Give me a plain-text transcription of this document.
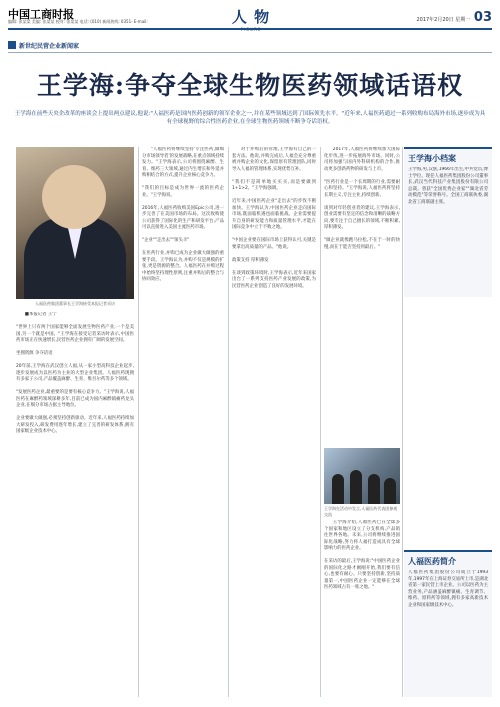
中国工商时报
编辑: 张某某 美编: 张某某 校对: 张某某 电话: (010) 新闻热线: 0351- E-mail:	人 物	2017年2月20日 星期一 03
新世纪民营企业新闻家
王学海:争夺全球生物医药领域话语权
王学海在前些天央企改革的座谈会上提出两点建议,他说:"人福医药是国内医药创新的领军企业之一,并在某些领域达到了国际领先水平。"近年来,人福医药通过一系列收购布局海外市场,逐步成为具有全球视野的综合性医药企业,在全球生物医药领域不断争夺话语权。
人福医药集团董事长王学海接受本报记者采访

■本报记者 王宁

"世界上只有两个国家能够全面发展生物医药产业,一个是美国,另一个就是中国。"王学海在接受记者采访时表示,中国医药市场正在快速增长,民营医药企业拥有广阔的发展空间。

坐拥资源 争夺话语

20年前,王学海在武汉创立人福,从一家小型高科技企业起步,逐步发展成为以医药为主业的大型企业集团。人福医药现拥有多家子公司,产品覆盖麻醉、生育、维吾尔药等多个领域。

"发展医药企业,最重要的是要有核心竞争力。"王学海说,人福医药在麻醉药领域深耕多年,目前已成为国内麻醉镇痛药龙头企业,在细分市场占据主导地位。

企业要做大做强,必须坚持创新驱动。近年来,人福医药持续加大研发投入,研发费用逐年增长,建立了完善的研发体系,拥有国家级企业技术中心。

"人福医药将继续坚持'专注医药,做细分市场领导者'的发展战略,在重点领域持续发力。"王学海表示,公司将围绕麻醉、生育、维药三大领域,通过内生增长和外延并购相结合的方式,提升企业核心竞争力。

"我们的目标是成为世界一流的医药企业。"王学海说。

2016年,人福医药收购美国Epic公司,进一步完善了在美国市场的布局。这次收购使公司获得了国际化的生产和研发平台,产品可以直接进入美国主流医药市场。

"企业""走出去""领头羊"

在医药行业,并购已成为企业做大做强的重要手段。王学海认为,并购不仅是规模的扩张,更是资源的整合。人福医药在并购过程中始终坚持理性原则,注重并购后的整合与协同效应。

对于并购后的管理,王学海有自己的一套方法。他说,并购完成后,人福会充分尊重被并购企业的文化,保留原有管理团队,同时导入人福的管理体系,实现优势互补。

"我们不是简单地买买买,而是要做到1+1>2。"王学海强调。

近年来,中国医药企业"走出去"的步伐不断加快。王学海认为,中国医药企业走向国际市场,既面临机遇也面临挑战。企业需要提升自身的研发能力和质量管理水平,才能在国际竞争中立于不败之地。

"中国企业要在国际市场上获得认可,关键是要拿出高质量的产品。"他说。

政策支持 厚积薄发

在谈到政策环境时,王学海表示,近年来国家出台了一系列支持医药产业发展的政策,为民营医药企业创造了良好的发展环境。

2017年,人福医药将继续加大国际化步伐,进一步拓展海外市场。同时,公司将加强与国内外科研机构的合作,推动更多创新药物的研发与上市。

"医药行业是一个长周期的行业,需要耐心和坚持。"王学海说,人福医药将坚持长期主义,专注主业,持续创新。

谈到对年轻创业者的建议,王学海表示,创业需要有坚定的信念和清晰的战略方向,要专注于自己擅长的领域,不断积累,厚积薄发。

"做企业就像跑马拉松,不在于一时的快慢,而在于能否坚持到最后。"

王学海在活动中发言,人福医药代表团参观交流

王学海介绍,人福医药已在全球多个国家和地区设立了分支机构,产品销往世界各地。未来,公司将继续推进国际化战略,努力将人福打造成具有全球影响力的医药企业。

在采访的最后,王学海说:"中国医药企业的国际化之路才刚刚开始,我们要有信心,也要有耐心。只要坚持创新,坚持质量第一,中国医药企业一定能够在全球医药领域占有一席之地。"

王学海小档案
王学海,男,汉族,1966年出生,中共党员,博士学位。现任人福医药集团股份公司董事长,武汉当代科技产业集团股份有限公司总裁。曾获"全国优秀企业家""湖北省劳动模范"等荣誉称号。全国工商联执委,湖北省工商联副主席。
人福医药简介
人福医药集团股份公司成立于1993年,1997年在上海证券交易所上市,是湖北省第一家民营上市企业。公司以医药为主营业务,产品涵盖麻醉镇痛、生育调节、维药、原料药等领域,拥有多家高新技术企业和国家级技术中心。
